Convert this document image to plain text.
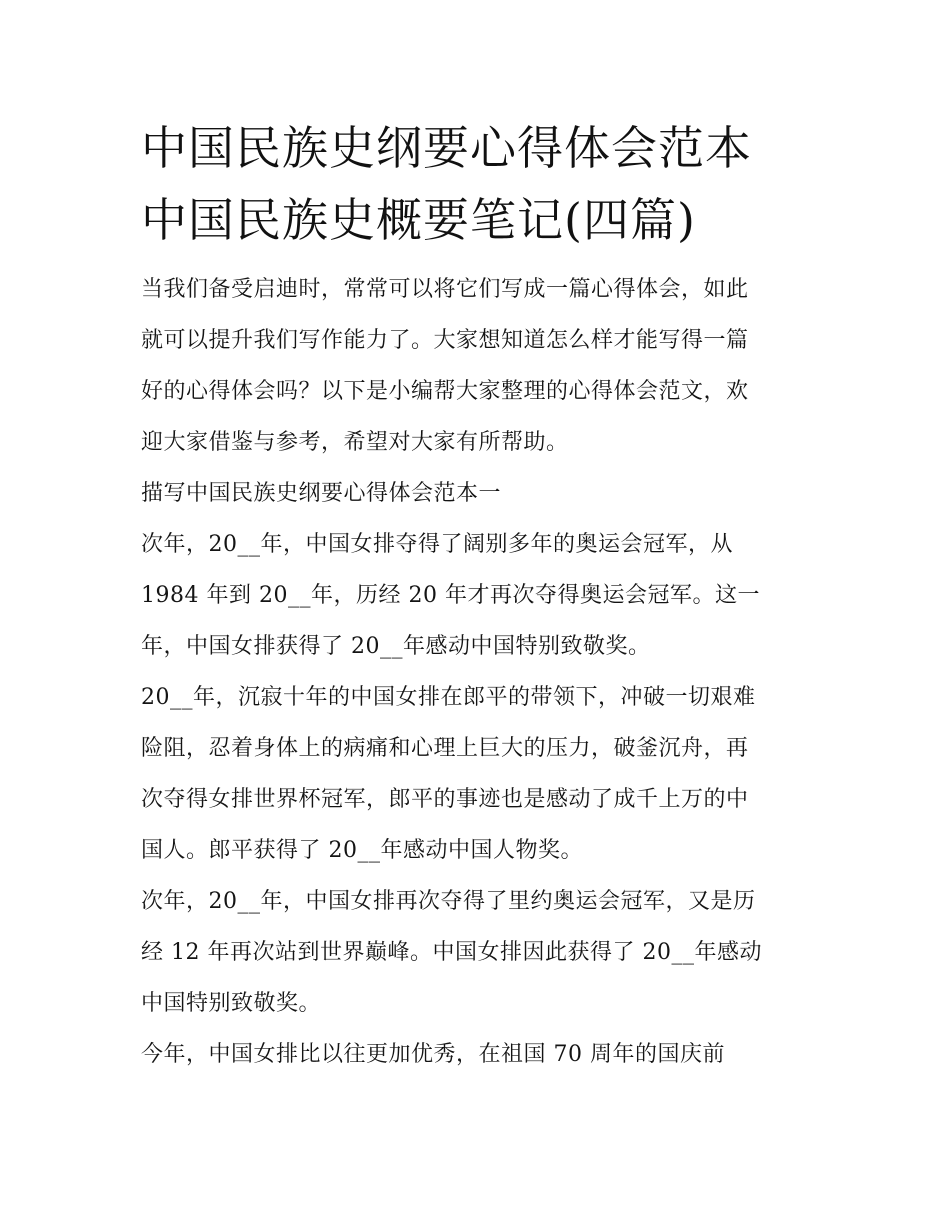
中国民族史纲要心得体会范本
中国民族史概要笔记(四篇)

当我们备受启迪时，常常可以将它们写成一篇心得体会，如此
就可以提升我们写作能力了。大家想知道怎么样才能写得一篇
好的心得体会吗？以下是小编帮大家整理的心得体会范文，欢
迎大家借鉴与参考，希望对大家有所帮助。

描写中国民族史纲要心得体会范本一

次年，20__年，中国女排夺得了阔别多年的奥运会冠军，从
1984 年到 20__年，历经 20 年才再次夺得奥运会冠军。这一
年，中国女排获得了 20__年感动中国特别致敬奖。

20__年，沉寂十年的中国女排在郎平的带领下，冲破一切艰难
险阻，忍着身体上的病痛和心理上巨大的压力，破釜沉舟，再
次夺得女排世界杯冠军，郎平的事迹也是感动了成千上万的中
国人。郎平获得了 20__年感动中国人物奖。

次年，20__年，中国女排再次夺得了里约奥运会冠军，又是历
经 12 年再次站到世界巅峰。中国女排因此获得了 20__年感动
中国特别致敬奖。

今年，中国女排比以往更加优秀，在祖国 70 周年的国庆前
